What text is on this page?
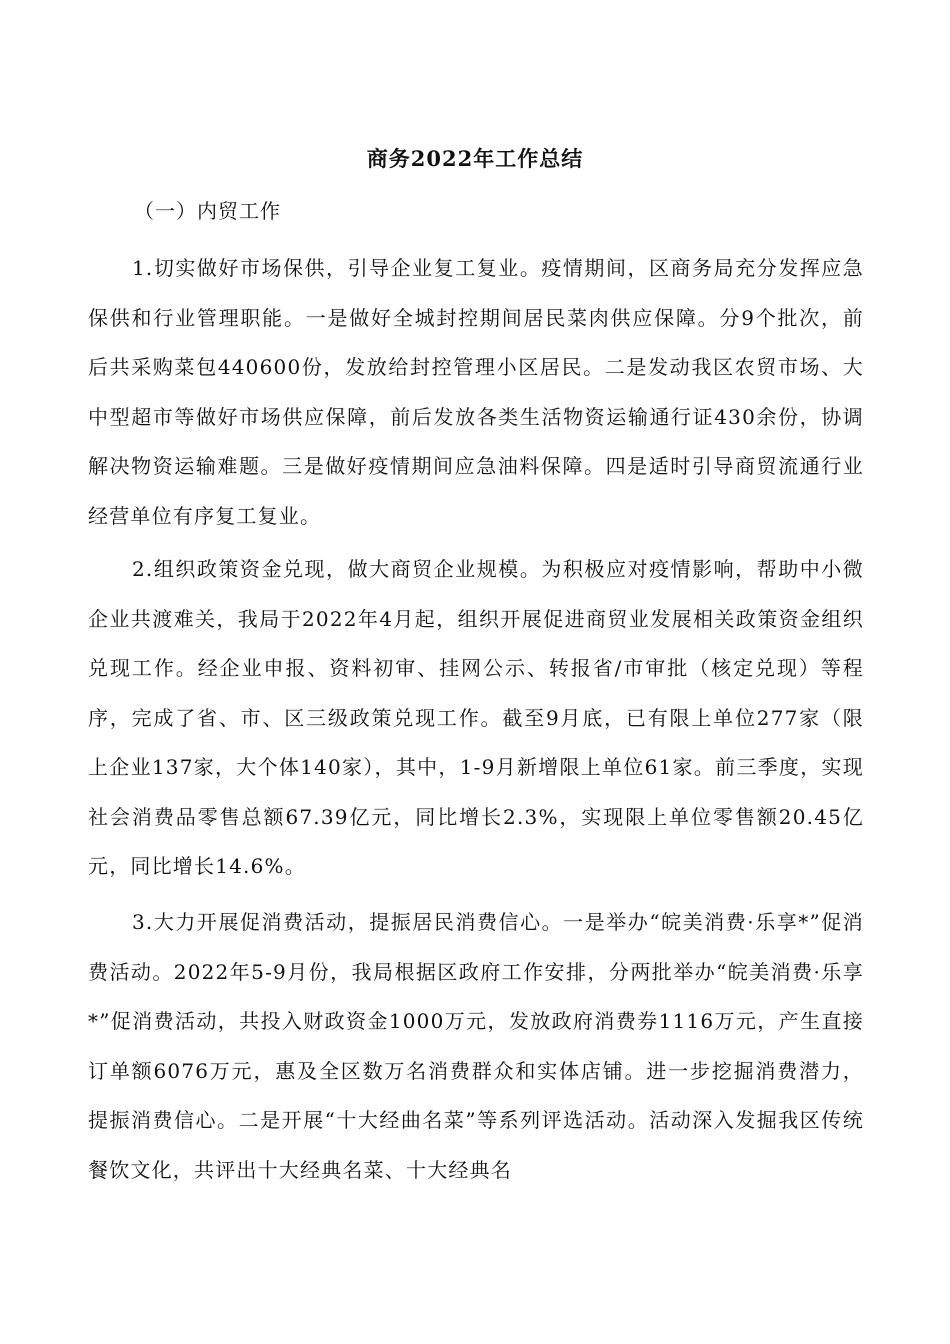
商务2022年工作总结

（一）内贸工作

1.切实做好市场保供，引导企业复工复业。疫情期间，区商务局充分发挥应急保供和行业管理职能。一是做好全城封控期间居民菜肉供应保障。分9个批次，前后共采购菜包440600份，发放给封控管理小区居民。二是发动我区农贸市场、大中型超市等做好市场供应保障，前后发放各类生活物资运输通行证430余份，协调解决物资运输难题。三是做好疫情期间应急油料保障。四是适时引导商贸流通行业经营单位有序复工复业。

2.组织政策资金兑现，做大商贸企业规模。为积极应对疫情影响，帮助中小微企业共渡难关，我局于2022年4月起，组织开展促进商贸业发展相关政策资金组织兑现工作。经企业申报、资料初审、挂网公示、转报省/市审批（核定兑现）等程序，完成了省、市、区三级政策兑现工作。截至9月底，已有限上单位277家（限上企业137家，大个体140家），其中，1-9月新增限上单位61家。前三季度，实现社会消费品零售总额67.39亿元，同比增长2.3%，实现限上单位零售额20.45亿元，同比增长14.6%。

3.大力开展促消费活动，提振居民消费信心。一是举办“皖美消费·乐享*”促消费活动。2022年5-9月份，我局根据区政府工作安排，分两批举办“皖美消费·乐享*”促消费活动，共投入财政资金1000万元，发放政府消费券1116万元，产生直接订单额6076万元，惠及全区数万名消费群众和实体店铺。进一步挖掘消费潜力，提振消费信心。二是开展“十大经曲名菜”等系列评选活动。活动深入发掘我区传统餐饮文化，共评出十大经典名菜、十大经典名
